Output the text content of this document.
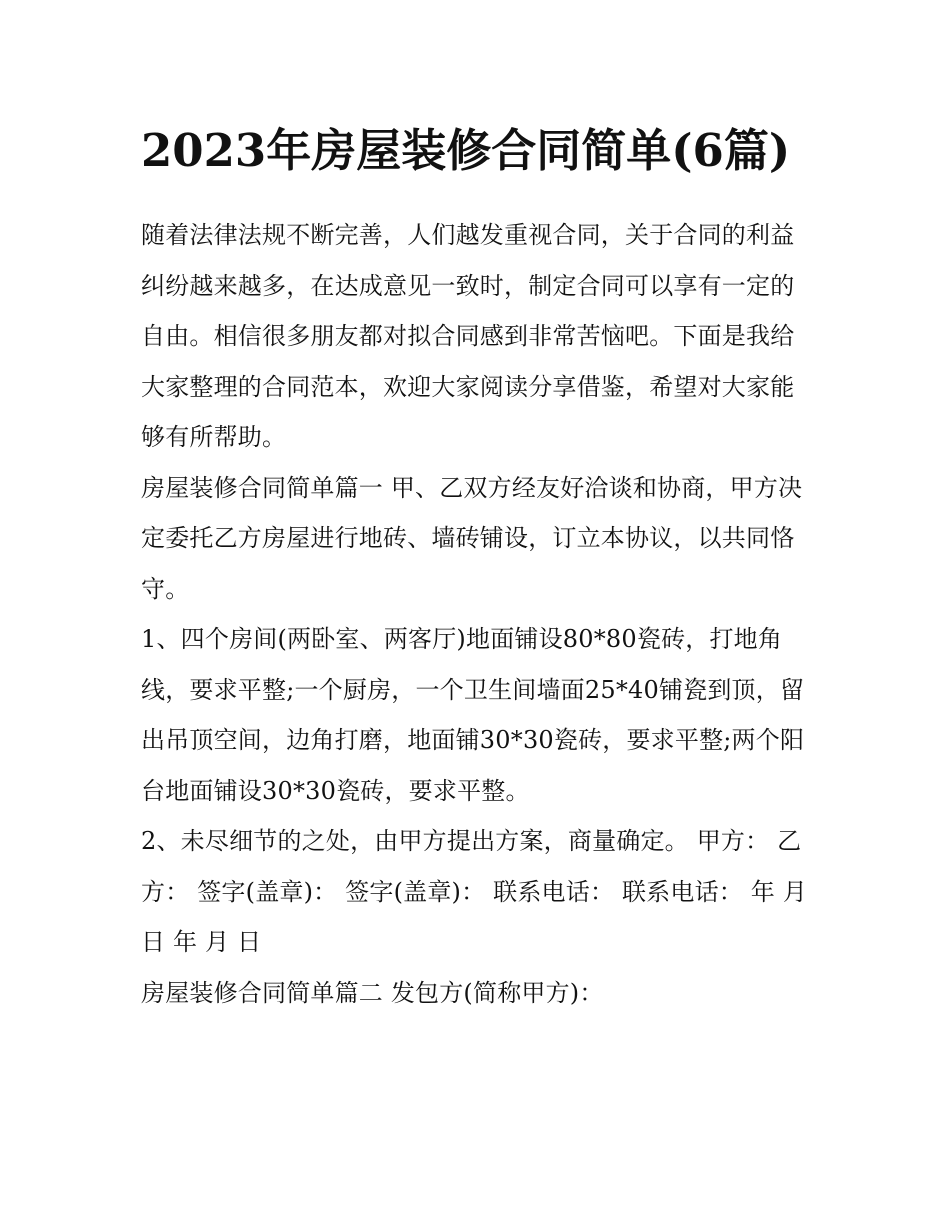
2023年房屋装修合同简单(6篇)

随着法律法规不断完善，人们越发重视合同，关于合同的利益纠纷越来越多，在达成意见一致时，制定合同可以享有一定的自由。相信很多朋友都对拟合同感到非常苦恼吧。下面是我给大家整理的合同范本，欢迎大家阅读分享借鉴，希望对大家能够有所帮助。

房屋装修合同简单篇一 甲、乙双方经友好洽谈和协商，甲方决定委托乙方房屋进行地砖、墙砖铺设，订立本协议，以共同恪守。

1、四个房间(两卧室、两客厅)地面铺设80*80瓷砖，打地角线，要求平整;一个厨房，一个卫生间墙面25*40铺瓷到顶，留出吊顶空间，边角打磨，地面铺30*30瓷砖，要求平整;两个阳台地面铺设30*30瓷砖，要求平整。

2、未尽细节的之处，由甲方提出方案，商量确定。 甲方： 乙方： 签字(盖章)： 签字(盖章)： 联系电话： 联系电话： 年 月 日 年 月 日

房屋装修合同简单篇二 发包方(简称甲方)：
